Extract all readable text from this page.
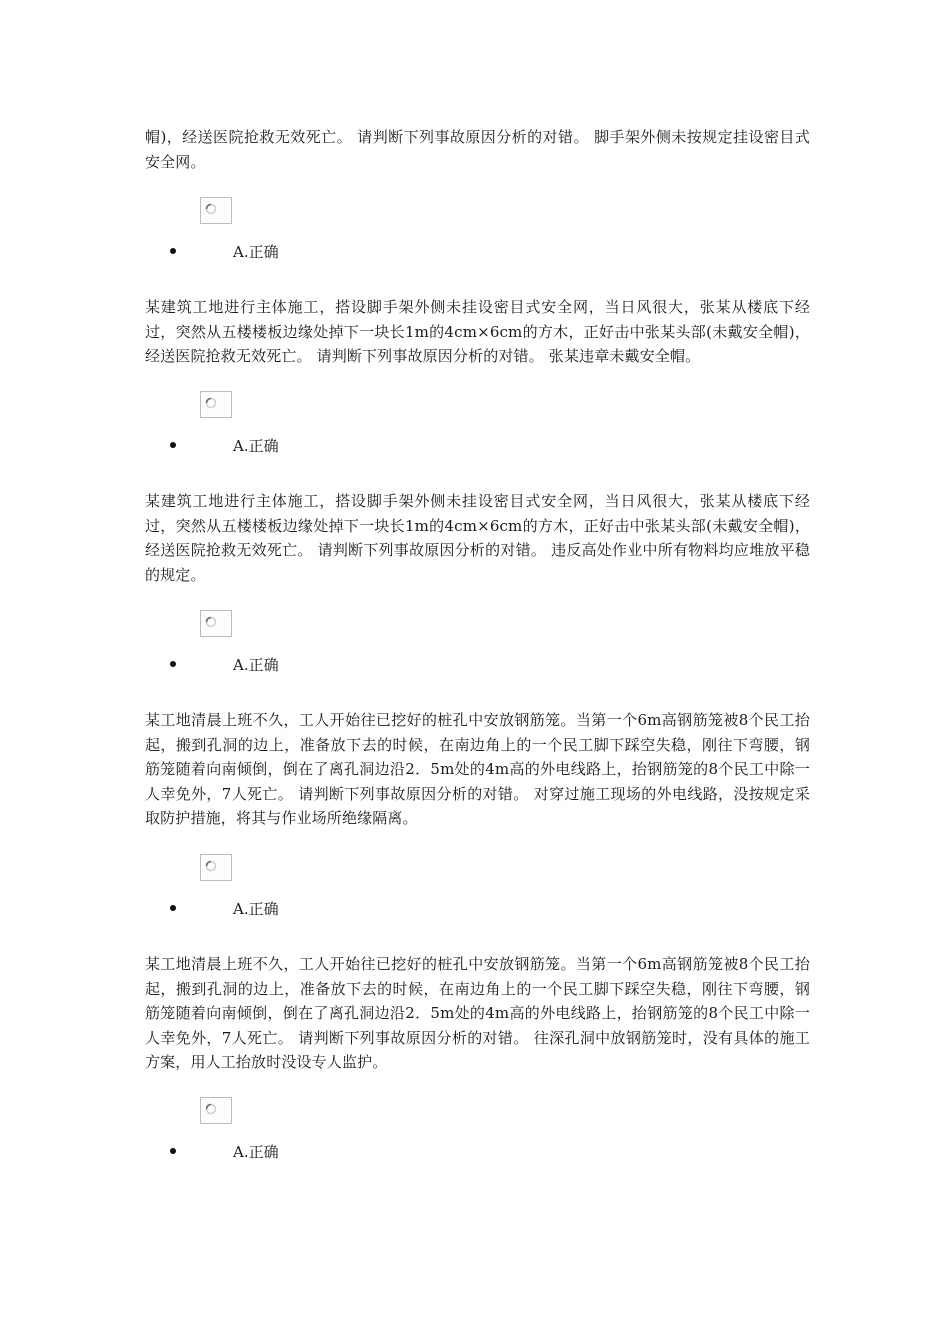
帽)，经送医院抢救无效死亡。 请判断下列事故原因分析的对错。 脚手架外侧未按规定挂设密目式安全网。

A.正确

某建筑工地进行主体施工，搭设脚手架外侧未挂设密目式安全网，当日风很大，张某从楼底下经过，突然从五楼楼板边缘处掉下一块长1m的4cm×6cm的方木，正好击中张某头部(未戴安全帽)，经送医院抢救无效死亡。 请判断下列事故原因分析的对错。 张某违章未戴安全帽。

A.正确

某建筑工地进行主体施工，搭设脚手架外侧未挂设密目式安全网，当日风很大，张某从楼底下经过，突然从五楼楼板边缘处掉下一块长1m的4cm×6cm的方木，正好击中张某头部(未戴安全帽)，经送医院抢救无效死亡。 请判断下列事故原因分析的对错。 违反高处作业中所有物料均应堆放平稳的规定。

A.正确

某工地清晨上班不久，工人开始往已挖好的桩孔中安放钢筋笼。当第一个6m高钢筋笼被8个民工抬起，搬到孔洞的边上，准备放下去的时候，在南边角上的一个民工脚下踩空失稳，刚往下弯腰，钢筋笼随着向南倾倒，倒在了离孔洞边沿2．5m处的4m高的外电线路上，抬钢筋笼的8个民工中除一人幸免外，7人死亡。 请判断下列事故原因分析的对错。 对穿过施工现场的外电线路，没按规定采取防护措施，将其与作业场所绝缘隔离。

A.正确

某工地清晨上班不久，工人开始往已挖好的桩孔中安放钢筋笼。当第一个6m高钢筋笼被8个民工抬起，搬到孔洞的边上，准备放下去的时候，在南边角上的一个民工脚下踩空失稳，刚往下弯腰，钢筋笼随着向南倾倒，倒在了离孔洞边沿2．5m处的4m高的外电线路上，抬钢筋笼的8个民工中除一人幸免外，7人死亡。 请判断下列事故原因分析的对错。 往深孔洞中放钢筋笼时，没有具体的施工方案，用人工抬放时没设专人监护。

A.正确
